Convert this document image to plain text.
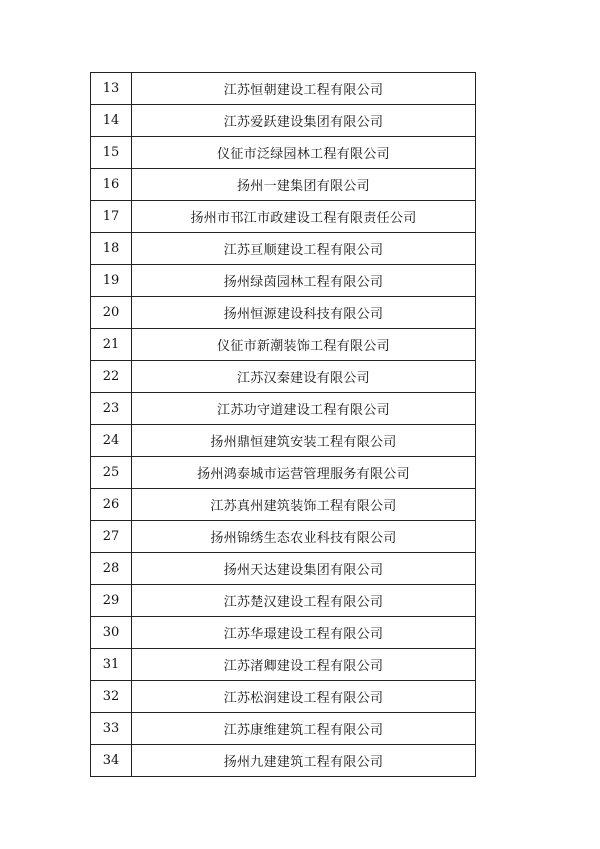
13	江苏恒朝建设工程有限公司
14	江苏爱跃建设集团有限公司
15	仪征市泛绿园林工程有限公司
16	扬州一建集团有限公司
17	扬州市邗江市政建设工程有限责任公司
18	江苏亘顺建设工程有限公司
19	扬州绿茵园林工程有限公司
20	扬州恒源建设科技有限公司
21	仪征市新潮装饰工程有限公司
22	江苏汉秦建设有限公司
23	江苏功守道建设工程有限公司
24	扬州鼎恒建筑安装工程有限公司
25	扬州鸿泰城市运营管理服务有限公司
26	江苏真州建筑装饰工程有限公司
27	扬州锦绣生态农业科技有限公司
28	扬州天达建设集团有限公司
29	江苏楚汉建设工程有限公司
30	江苏华璟建设工程有限公司
31	江苏渚卿建设工程有限公司
32	江苏松润建设工程有限公司
33	江苏康维建筑工程有限公司
34	扬州九建建筑工程有限公司
